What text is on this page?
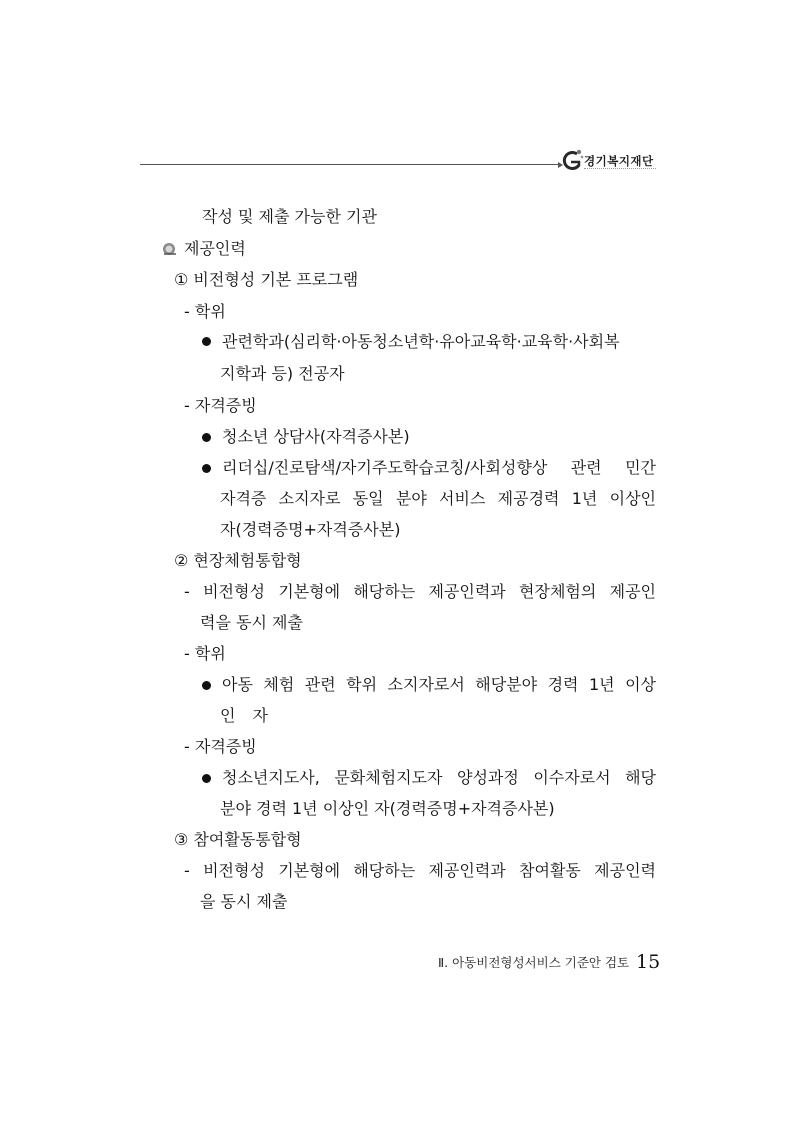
경기복지재단
작성 및 제출 가능한 기관
제공인력
① 비전형성 기본 프로그램
- 학위
관련학과(심리학·아동청소년학·유아교육학·교육학·사회복
지학과 등) 전공자
- 자격증빙
청소년 상담사(자격증사본)
리더십/진로탐색/자기주도학습코칭/사회성향상 관련 민간
자격증 소지자로 동일 분야 서비스 제공경력 1년 이상인
자(경력증명+자격증사본)
② 현장체험통합형
- 비전형성 기본형에 해당하는 제공인력과 현장체험의 제공인
력을 동시 제출
- 학위
아동 체험 관련 학위 소지자로서 해당분야 경력 1년 이상
인 자
- 자격증빙
청소년지도사, 문화체험지도자 양성과정 이수자로서 해당
분야 경력 1년 이상인 자(경력증명+자격증사본)
③ 참여활동통합형
- 비전형성 기본형에 해당하는 제공인력과 참여활동 제공인력
을 동시 제출
Ⅱ. 아동비전형성서비스 기준안 검토 15
